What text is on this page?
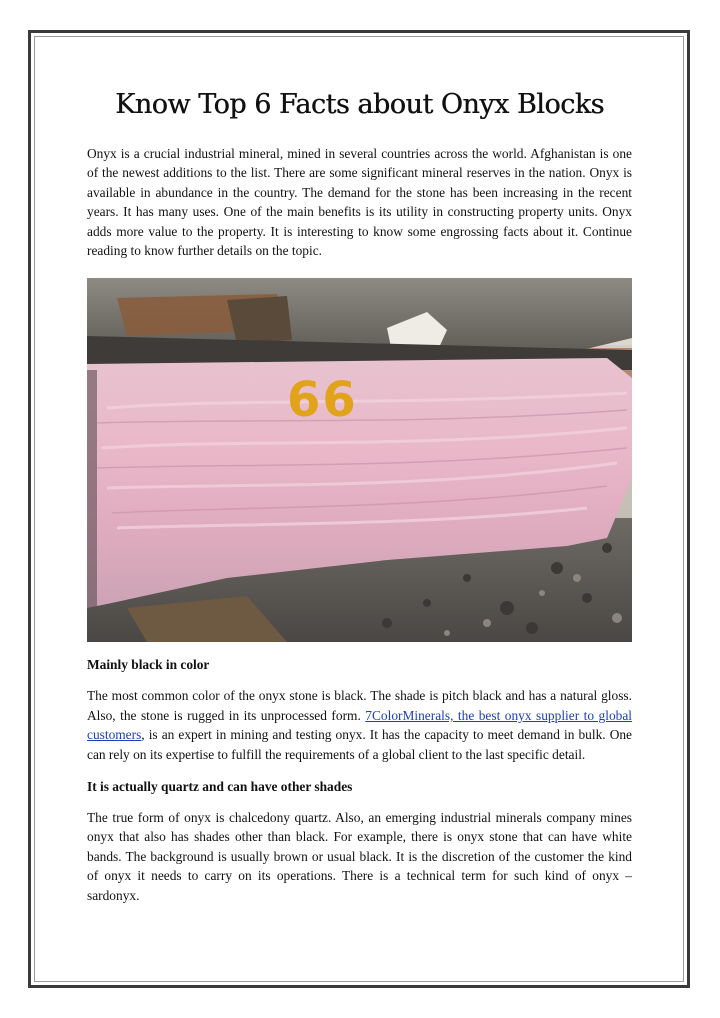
Know Top 6 Facts about Onyx Blocks

Onyx is a crucial industrial mineral, mined in several countries across the world. Afghanistan is one of the newest additions to the list. There are some significant mineral reserves in the nation. Onyx is available in abundance in the country. The demand for the stone has been increasing in the recent years. It has many uses. One of the main benefits is its utility in constructing property units. Onyx adds more value to the property. It is interesting to know some engrossing facts about it. Continue reading to know further details on the topic.

66
Mainly black in color

The most common color of the onyx stone is black. The shade is pitch black and has a natural gloss. Also, the stone is rugged in its unprocessed form. 7ColorMinerals, the best onyx supplier to global customers, is an expert in mining and testing onyx. It has the capacity to meet demand in bulk. One can rely on its expertise to fulfill the requirements of a global client to the last specific detail.

It is actually quartz and can have other shades

The true form of onyx is chalcedony quartz. Also, an emerging industrial minerals company mines onyx that also has shades other than black. For example, there is onyx stone that can have white bands. The background is usually brown or usual black. It is the discretion of the customer the kind of onyx it needs to carry on its operations. There is a technical term for such kind of onyx – sardonyx.
